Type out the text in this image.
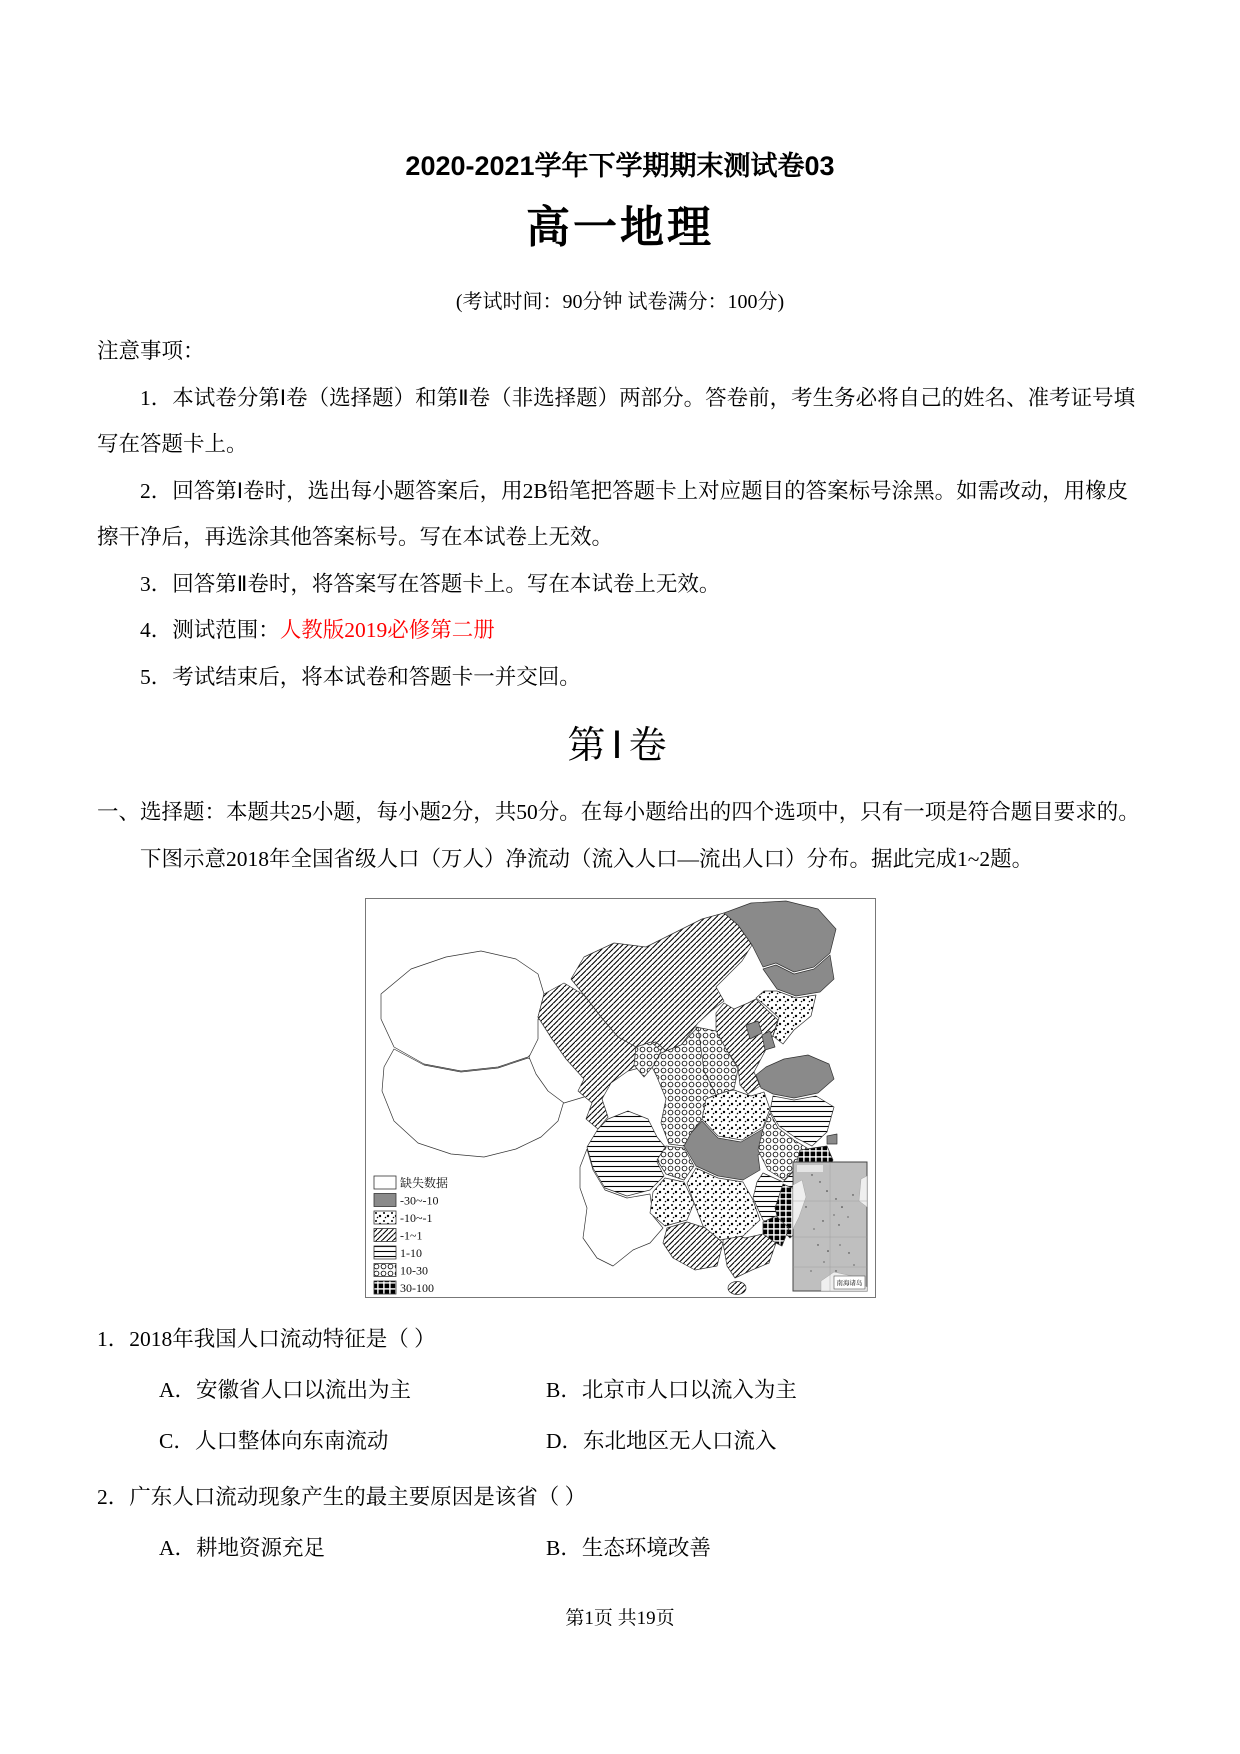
2020-2021学年下学期期末测试卷03
高一地理

(考试时间：90分钟 试卷满分：100分)

注意事项：

1．本试卷分第Ⅰ卷（选择题）和第Ⅱ卷（非选择题）两部分。答卷前，考生务必将自己的姓名、准考证号填写在答题卡上。

2．回答第Ⅰ卷时，选出每小题答案后，用2B铅笔把答题卡上对应题目的答案标号涂黑。如需改动，用橡皮擦干净后，再选涂其他答案标号。写在本试卷上无效。

3．回答第Ⅱ卷时，将答案写在答题卡上。写在本试卷上无效。

4．测试范围：人教版2019必修第二册

5．考试结束后，将本试卷和答题卡一并交回。

第Ⅰ卷

一、选择题：本题共25小题，每小题2分，共50分。在每小题给出的四个选项中，只有一项是符合题目要求的。

下图示意2018年全国省级人口（万人）净流动（流入人口—流出人口）分布。据此完成1~2题。

缺失数据
-30~-10
-10~-1
-1~1
1-10
10-30
30-100	南海诸岛

1．2018年我国人口流动特征是（ ）

A．安徽省人口以流出为主	B．北京市人口以流入为主
C．人口整体向东南流动	D．东北地区无人口流入

2．广东人口流动现象产生的最主要原因是该省（ ）

A．耕地资源充足	B．生态环境改善

第1页 共19页
